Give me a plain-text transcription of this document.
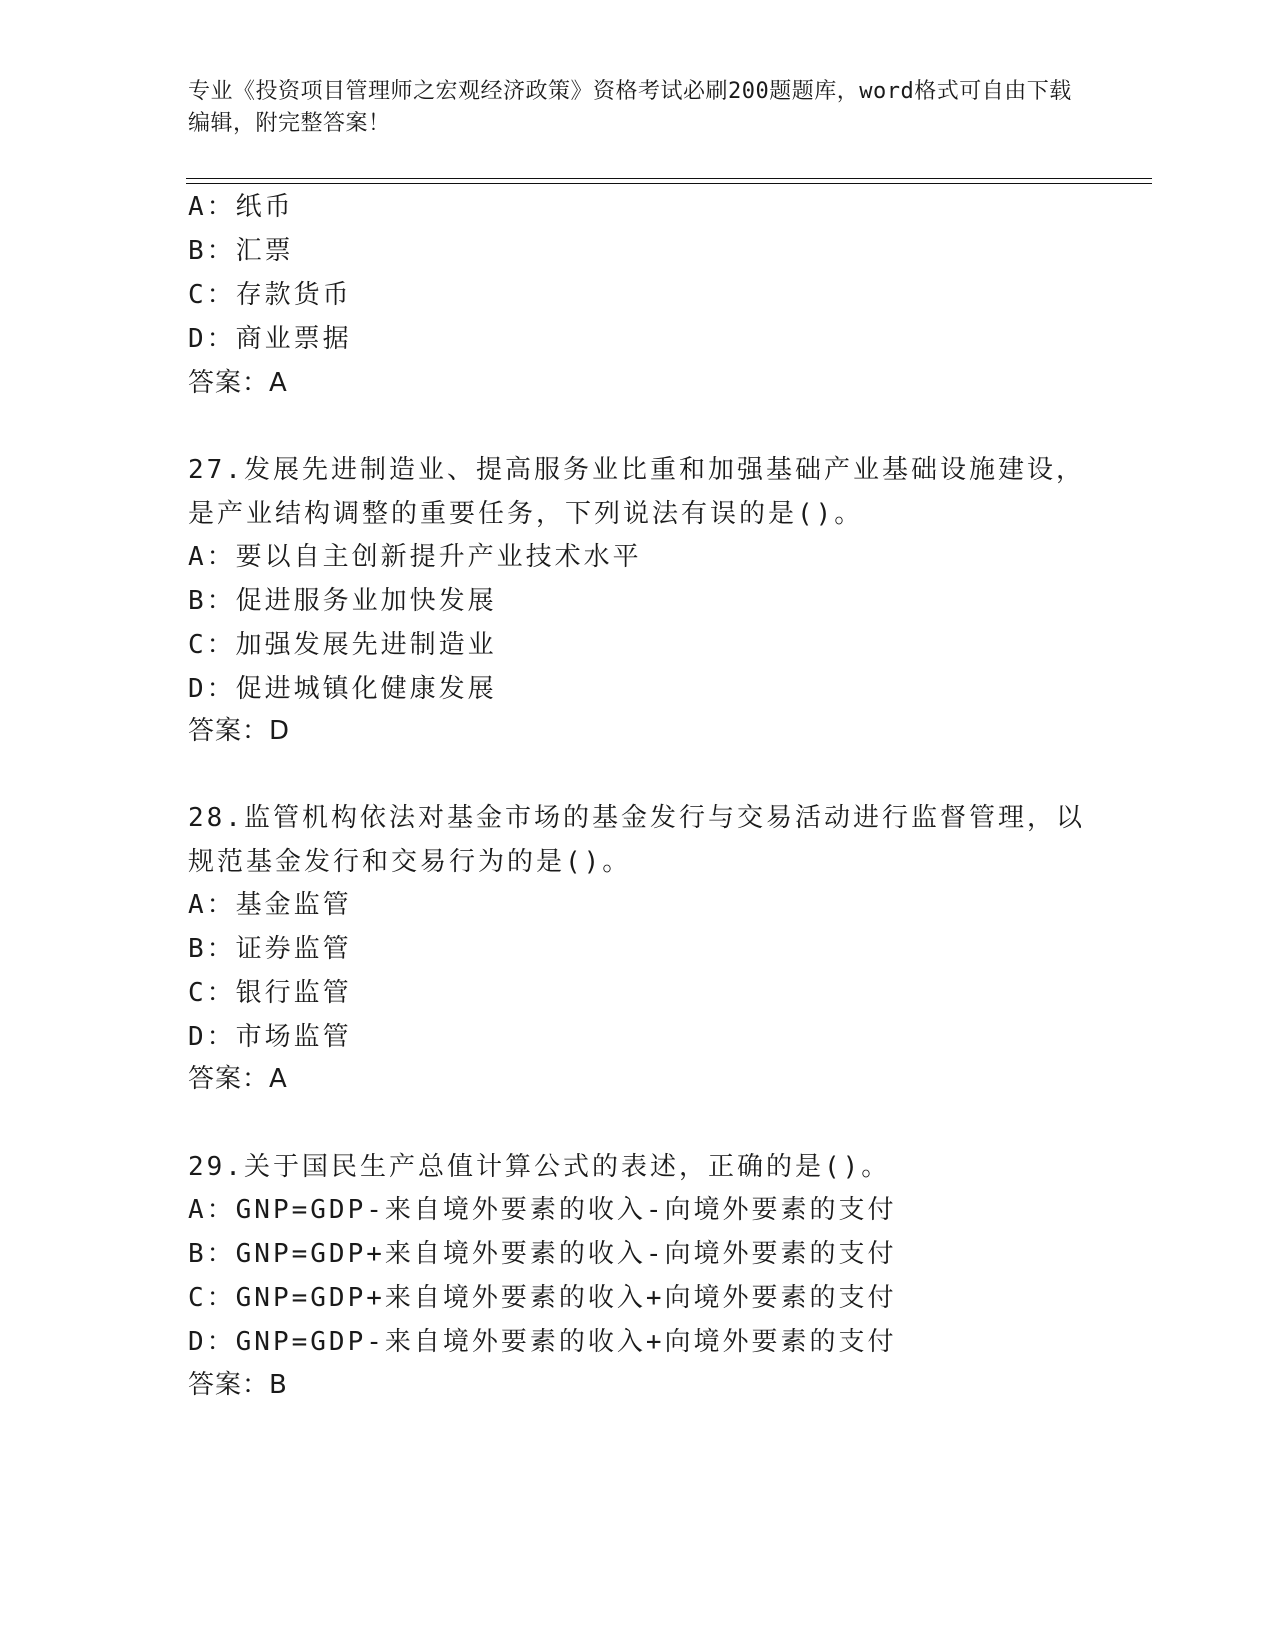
专业《投资项目管理师之宏观经济政策》资格考试必刷200题题库，word格式可自由下载编辑，附完整答案！
A：纸币
B：汇票
C：存款货币
D：商业票据
答案：A
27.发展先进制造业、提高服务业比重和加强基础产业基础设施建设，
是产业结构调整的重要任务，下列说法有误的是()。
A：要以自主创新提升产业技术水平
B：促进服务业加快发展
C：加强发展先进制造业
D：促进城镇化健康发展
答案：D
28.监管机构依法对基金市场的基金发行与交易活动进行监督管理，以
规范基金发行和交易行为的是()。
A：基金监管
B：证券监管
C：银行监管
D：市场监管
答案：A
29.关于国民生产总值计算公式的表述，正确的是()。
A：GNP=GDP-来自境外要素的收入-向境外要素的支付
B：GNP=GDP+来自境外要素的收入-向境外要素的支付
C：GNP=GDP+来自境外要素的收入+向境外要素的支付
D：GNP=GDP-来自境外要素的收入+向境外要素的支付
答案：B
